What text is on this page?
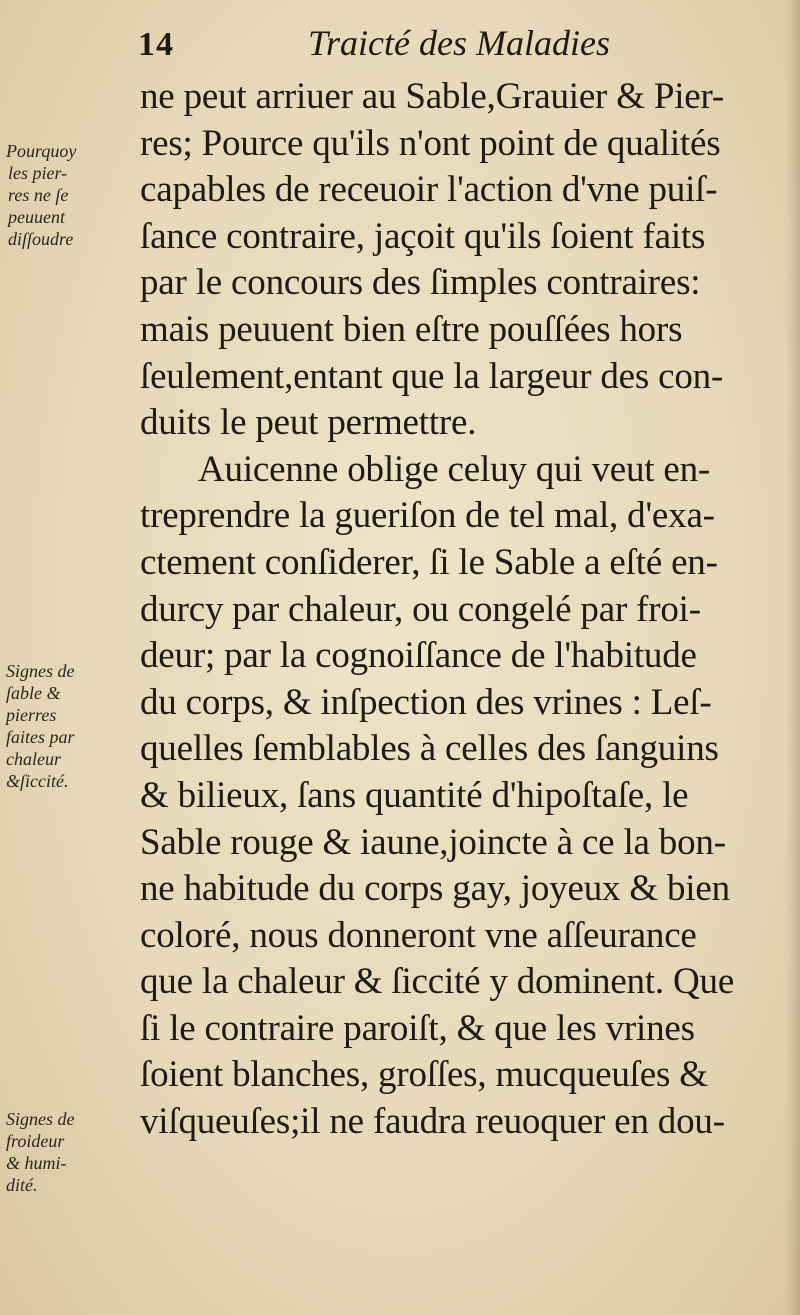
14	Traicté des Maladies
Pourquoy
les pier-
res ne ſe
peuuent
diſſoudre
Signes de
ſable &
pierres
faites par
chaleur
&ſiccité.
Signes de
froideur
& humi-
dité.
ne peut arriuer au Sable,Grauier & Pier-
res; Pource qu'ils n'ont point de qualités
capables de receuoir l'action d'vne puiſ-
ſance contraire, jaçoit qu'ils ſoient faits
par le concours des ſimples contraires:
mais peuuent bien eſtre pouſſées hors
ſeulement,entant que la largeur des con-
duits le peut permettre.
Auicenne oblige celuy qui veut en-
treprendre la gueriſon de tel mal, d'exa-
ctement conſiderer, ſi le Sable a eſté en-
durcy par chaleur, ou congelé par froi-
deur; par la cognoiſſance de l'habitude
du corps, & inſpection des vrines : Leſ-
quelles ſemblables à celles des ſanguins
& bilieux, ſans quantité d'hipoſtaſe, le
Sable rouge & iaune,joincte à ce la bon-
ne habitude du corps gay, joyeux & bien
coloré, nous donneront vne aſſeurance
que la chaleur & ſiccité y dominent. Que
ſi le contraire paroiſt, & que les vrines
ſoient blanches, groſſes, mucqueuſes &
viſqueuſes;il ne faudra reuoquer en dou-
